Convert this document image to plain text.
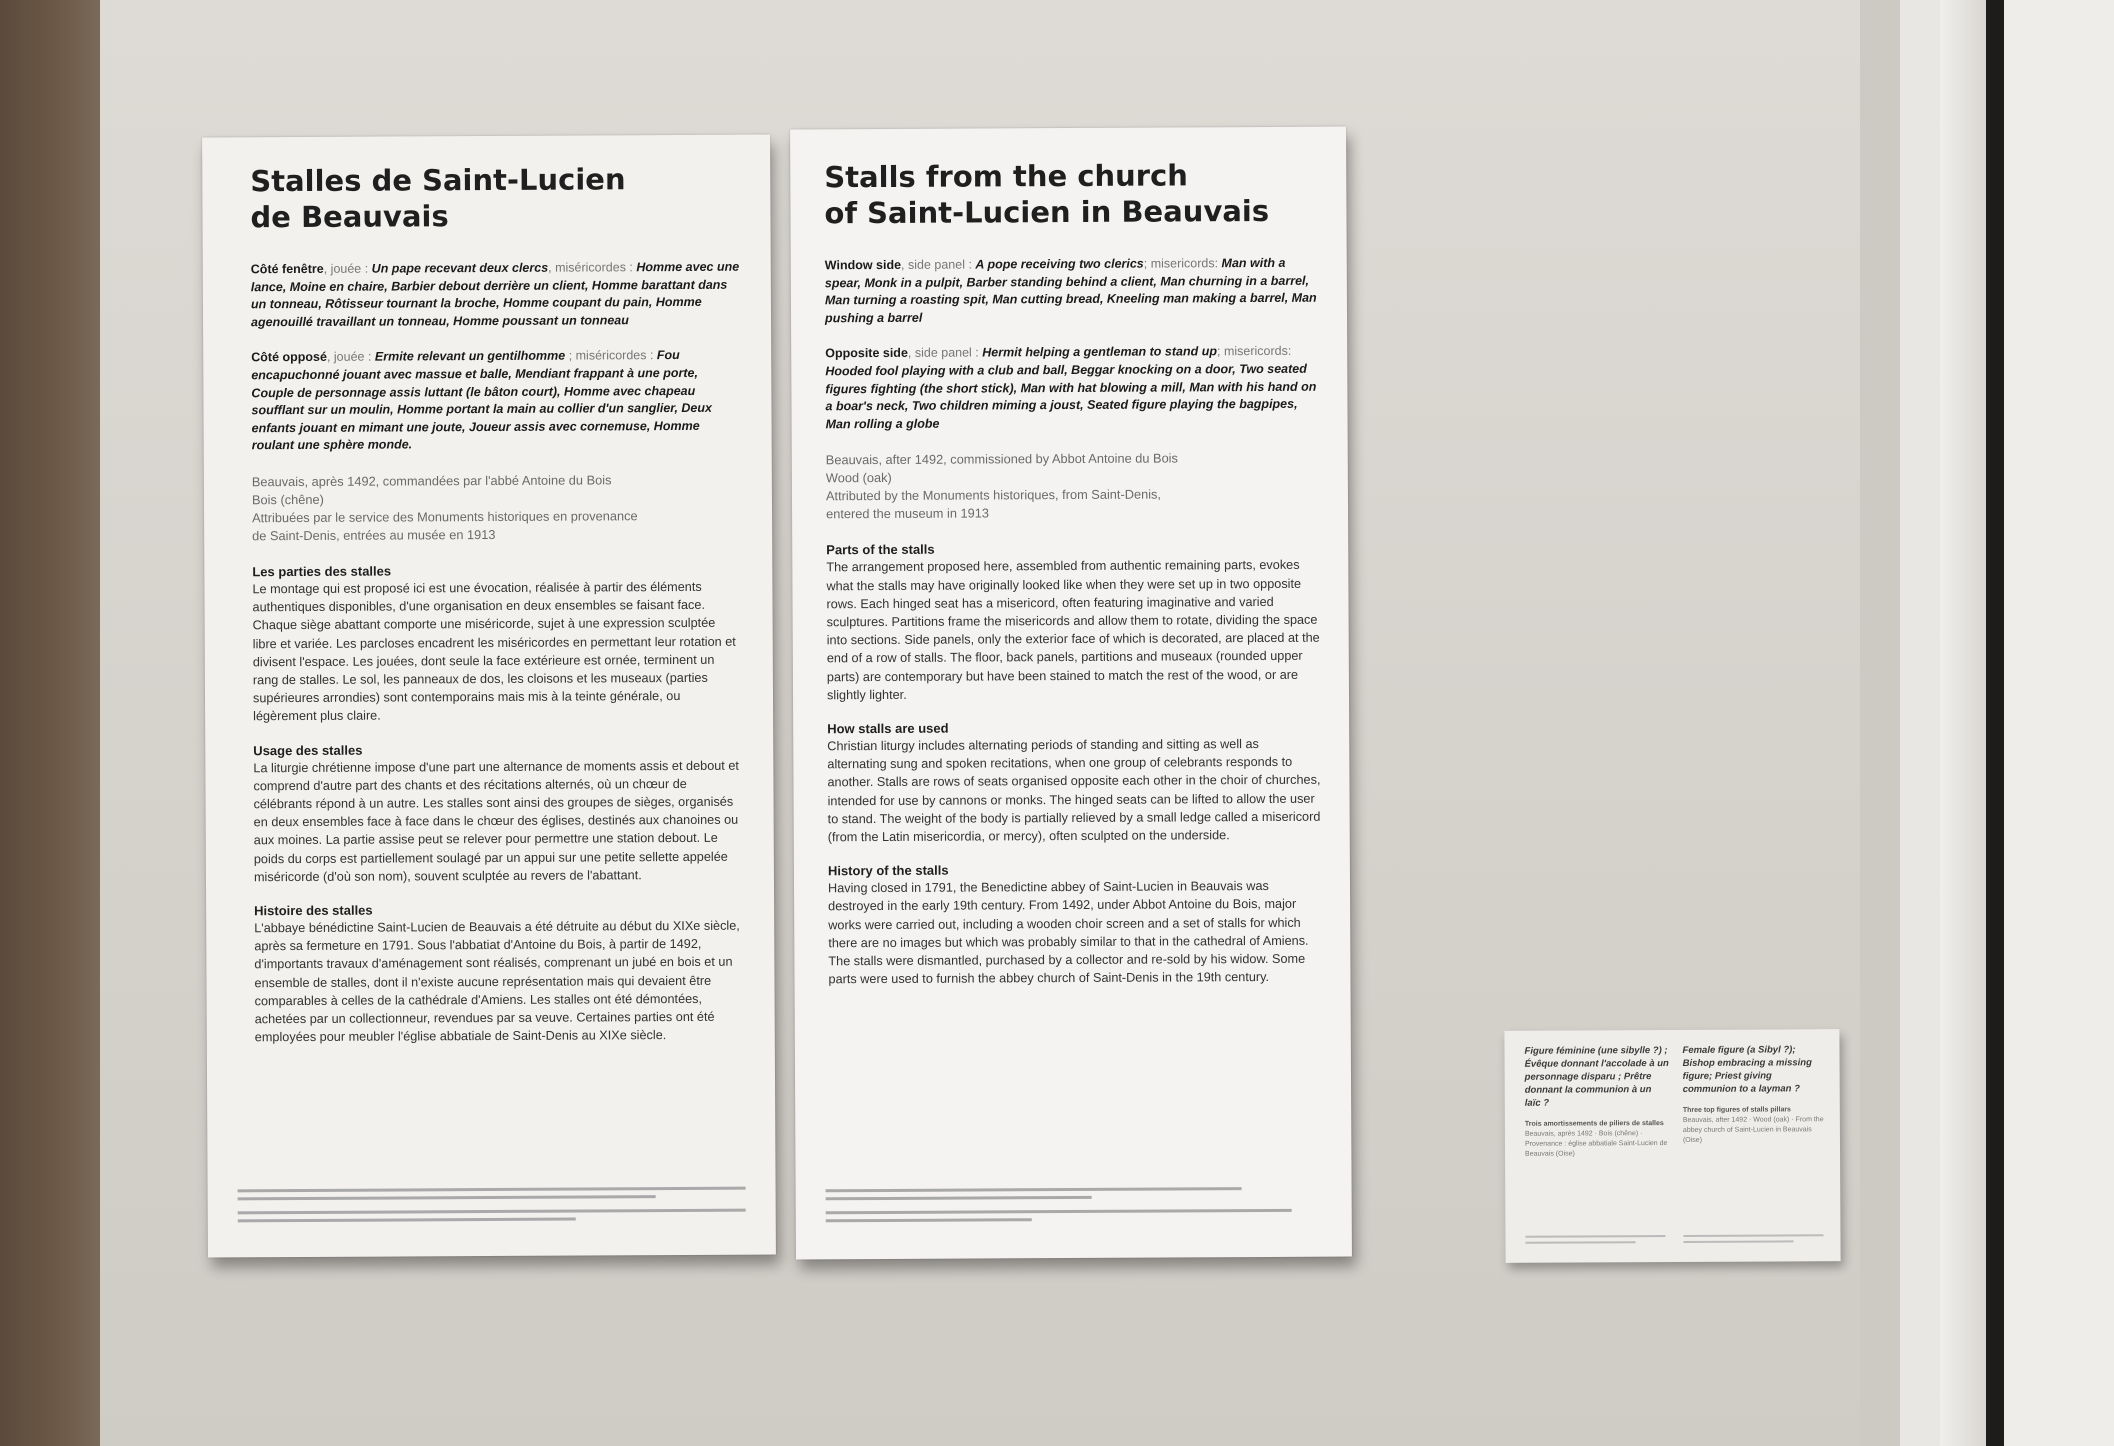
Stalles de Saint-Lucien
de Beauvais
Côté fenêtre, jouée : Un pape recevant deux clercs, miséricordes : Homme avec une lance, Moine en chaire, Barbier debout derrière un client, Homme barattant dans un tonneau, Rôtisseur tournant la broche, Homme coupant du pain, Homme agenouillé travaillant un tonneau, Homme poussant un tonneau
Côté opposé, jouée : Ermite relevant un gentilhomme ; miséricordes : Fou encapuchonné jouant avec massue et balle, Mendiant frappant à une porte, Couple de personnage assis luttant (le bâton court), Homme avec chapeau soufflant sur un moulin, Homme portant la main au collier d'un sanglier, Deux enfants jouant en mimant une joute, Joueur assis avec cornemuse, Homme roulant une sphère monde.
Beauvais, après 1492, commandées par l'abbé Antoine du Bois
Bois (chêne)
Attribuées par le service des Monuments historiques en provenance
de Saint-Denis, entrées au musée en 1913
Les parties des stalles
Le montage qui est proposé ici est une évocation, réalisée à partir des éléments authentiques disponibles, d'une organisation en deux ensembles se faisant face. Chaque siège abattant comporte une miséricorde, sujet à une expression sculptée libre et variée. Les parcloses encadrent les miséricordes en permettant leur rotation et divisent l'espace. Les jouées, dont seule la face extérieure est ornée, terminent un rang de stalles. Le sol, les panneaux de dos, les cloisons et les museaux (parties supérieures arrondies) sont contemporains mais mis à la teinte générale, ou légèrement plus claire.
Usage des stalles
La liturgie chrétienne impose d'une part une alternance de moments assis et debout et comprend d'autre part des chants et des récitations alternés, où un chœur de célébrants répond à un autre. Les stalles sont ainsi des groupes de sièges, organisés en deux ensembles face à face dans le chœur des églises, destinés aux chanoines ou aux moines. La partie assise peut se relever pour permettre une station debout. Le poids du corps est partiellement soulagé par un appui sur une petite sellette appelée miséricorde (d'où son nom), souvent sculptée au revers de l'abattant.
Histoire des stalles
L'abbaye bénédictine Saint-Lucien de Beauvais a été détruite au début du XIXe siècle, après sa fermeture en 1791. Sous l'abbatiat d'Antoine du Bois, à partir de 1492, d'importants travaux d'aménagement sont réalisés, comprenant un jubé en bois et un ensemble de stalles, dont il n'existe aucune représentation mais qui devaient être comparables à celles de la cathédrale d'Amiens. Les stalles ont été démontées, achetées par un collectionneur, revendues par sa veuve. Certaines parties ont été employées pour meubler l'église abbatiale de Saint-Denis au XIXe siècle.
Stalls from the church
of Saint-Lucien in Beauvais
Window side, side panel : A pope receiving two clerics; misericords: Man with a spear, Monk in a pulpit, Barber standing behind a client, Man churning in a barrel, Man turning a roasting spit, Man cutting bread, Kneeling man making a barrel, Man pushing a barrel
Opposite side, side panel : Hermit helping a gentleman to stand up; misericords: Hooded fool playing with a club and ball, Beggar knocking on a door, Two seated figures fighting (the short stick), Man with hat blowing a mill, Man with his hand on a boar's neck, Two children miming a joust, Seated figure playing the bagpipes, Man rolling a globe
Beauvais, after 1492, commissioned by Abbot Antoine du Bois
Wood (oak)
Attributed by the Monuments historiques, from Saint-Denis,
entered the museum in 1913
Parts of the stalls
The arrangement proposed here, assembled from authentic remaining parts, evokes what the stalls may have originally looked like when they were set up in two opposite rows. Each hinged seat has a misericord, often featuring imaginative and varied sculptures. Partitions frame the misericords and allow them to rotate, dividing the space into sections. Side panels, only the exterior face of which is decorated, are placed at the end of a row of stalls. The floor, back panels, partitions and museaux (rounded upper parts) are contemporary but have been stained to match the rest of the wood, or are slightly lighter.
How stalls are used
Christian liturgy includes alternating periods of standing and sitting as well as alternating sung and spoken recitations, when one group of celebrants responds to another. Stalls are rows of seats organised opposite each other in the choir of churches, intended for use by cannons or monks. The hinged seats can be lifted to allow the user to stand. The weight of the body is partially relieved by a small ledge called a misericord (from the Latin misericordia, or mercy), often sculpted on the underside.
History of the stalls
Having closed in 1791, the Benedictine abbey of Saint-Lucien in Beauvais was destroyed in the early 19th century. From 1492, under Abbot Antoine du Bois, major works were carried out, including a wooden choir screen and a set of stalls for which there are no images but which was probably similar to that in the cathedral of Amiens. The stalls were dismantled, purchased by a collector and re-sold by his widow. Some parts were used to furnish the abbey church of Saint-Denis in the 19th century.
Figure féminine (une sibylle ?) ; Évêque donnant l'accolade à un personnage disparu ; Prêtre donnant la communion à un laïc ?
Trois amortissements de piliers de stalles
Beauvais, après 1492 · Bois (chêne) · Provenance : église abbatiale Saint-Lucien de Beauvais (Oise)
Female figure (a Sibyl ?); Bishop embracing a missing figure; Priest giving communion to a layman ?
Three top figures of stalls pillars
Beauvais, after 1492 · Wood (oak) · From the abbey church of Saint-Lucien in Beauvais (Oise)
